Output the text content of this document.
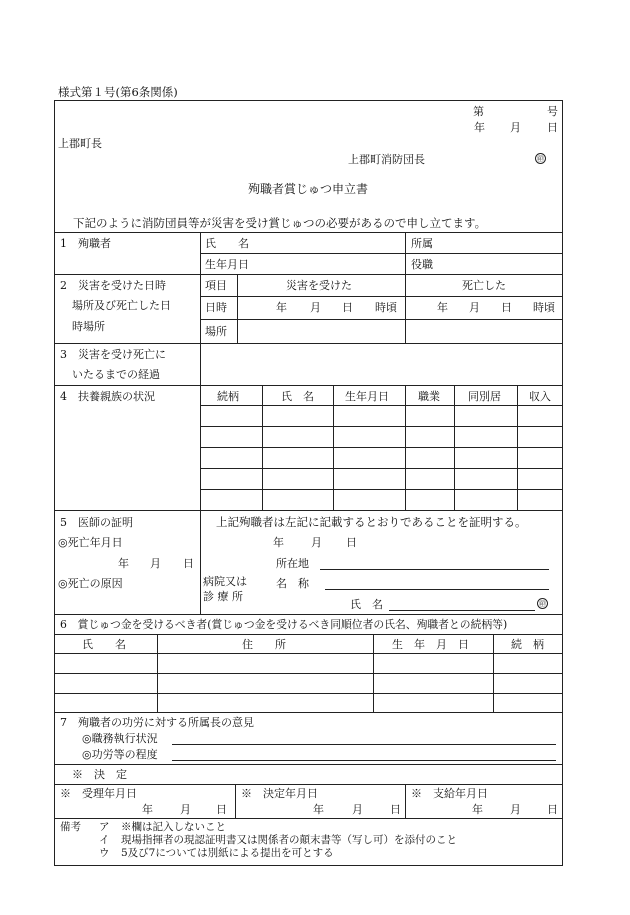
様式第１号(第6条関係)
第	号
年 月 日
上郡町長
上郡町消防団長	㊞
殉職者賞じゅつ申立書
下記のように消防団員等が災害を受け賞じゅつの必要があるので申し立てます。
1　殉職者	氏　　名	所属
生年月日	役職
2　災害を受けた日時
場所及び死亡した日
時場所
項目	災害を受けた	死亡した
日時	年 月 日 時頃	年 月 日 時頃
場所
3　災害を受け死亡に
いたるまでの経過
4　扶養親族の状況	続柄	氏　名	生年月日	職業	同別居	収入
5　医師の証明
◎死亡年月日
年 月 日
◎死亡の原因
上記殉職者は左記に記載するとおりであることを証明する。
年 月 日
所在地
病院又は	名　称
診 療 所
氏　名	㊞
6　賞じゅつ金を受けるべき者(賞じゅつ金を受けるべき同順位者の氏名、殉職者との続柄等)
氏　　名	住　　所	生　年　月　日	続　柄
7　殉職者の功労に対する所属長の意見
◎職務執行状況
◎功労等の程度
※　決　定
※　受理年月日
年 月 日
※　決定年月日
年	月 日
※　支給年月日
年 月 日
備考 ア ※欄は記入しないこと
イ 現場指揮者の現認証明書又は関係者の顛末書等（写し可）を添付のこと
ウ 5及び7については別紙による提出を可とする
